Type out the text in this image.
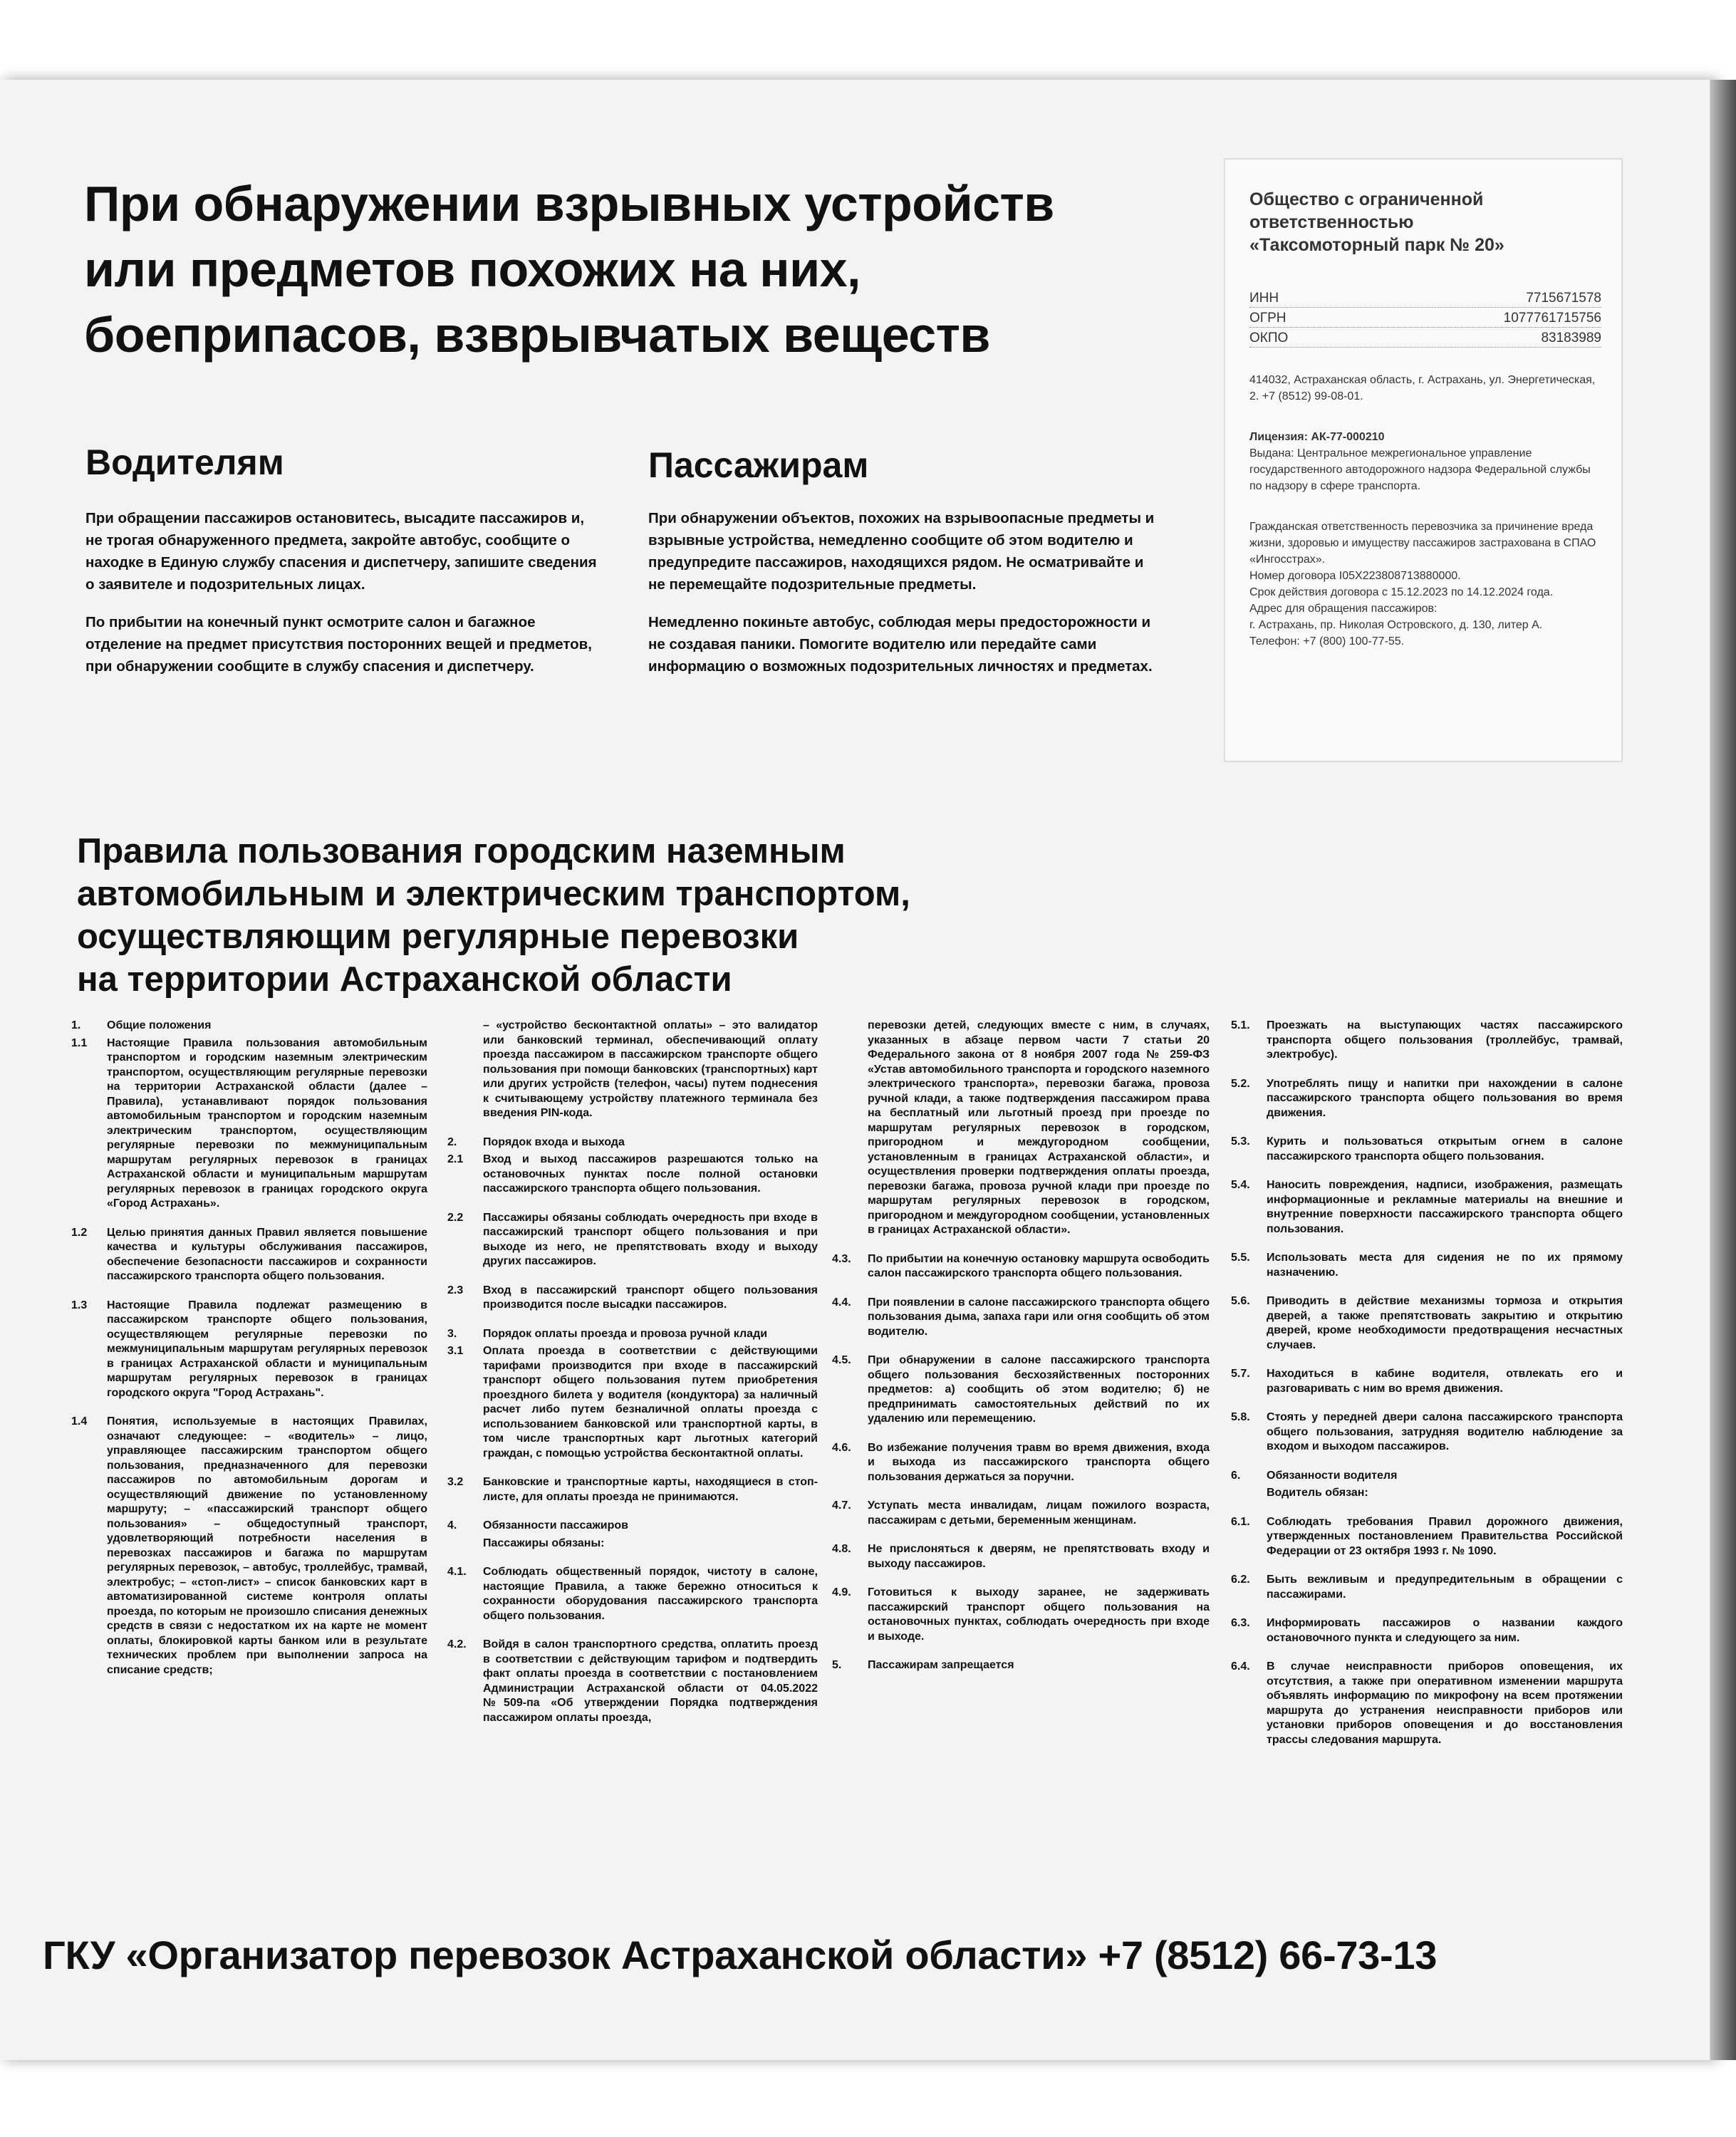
При обнаружении взрывных устройств
или предметов похожих на них,
боеприпасов, взврывчатых веществ
Водителям

При обращении пассажиров остановитесь, высадите пассажиров и, не трогая обнаруженного предмета, закройте автобус, сообщите о находке в Единую службу спасения и диспетчеру, запишите сведения о заявителе и подозрительных лицах.

По прибытии на конечный пункт осмотрите салон и багажное отделение на предмет присутствия посторонних вещей и предметов, при обнаружении сообщите в службу спасения и диспетчеру.

Пассажирам

При обнаружении объектов, похожих на взрывоопасные предметы и взрывные устройства, немедленно сообщите об этом водителю и предупредите пассажиров, находящихся рядом. Не осматривайте и не перемещайте подозрительные предметы.

Немедленно покиньте автобус, соблюдая меры предосторожности и не создавая паники. Помогите водителю или передайте сами информацию о возможных подозрительных личностях и предметах.

Общество с ограниченной
ответственностью
«Таксомоторный парк № 20»
ИНН	7715671578
ОГРН	1077761715756
ОКПО	83183989
414032, Астраханская область, г. Астрахань, ул. Энергетическая, 2. +7 (8512) 99-08-01.
Лицензия: АК-77-000210
Выдана: Центральное межрегиональное управление государственного автодорожного надзора Федеральной службы по надзору в сфере транспорта.
Гражданская ответственность перевозчика за причинение вреда жизни, здоровью и имуществу пассажиров застрахована в СПАО «Ингосстрах».
Номер договора I05X223808713880000.
Срок действия договора с 15.12.2023 по 14.12.2024 года.
Адрес для обращения пассажиров:
г. Астрахань, пр. Николая Островского, д. 130, литер А.
Телефон: +7 (800) 100-77-55.
Правила пользования городским наземным
автомобильным и электрическим транспортом,
осуществляющим регулярные перевозки
на территории Астраханской области
1.	Общие положения
1.1	Настоящие Правила пользования автомобильным транспортом и городским наземным электрическим транспортом, осуществляющим регулярные перевозки на территории Астраханской области (далее – Правила), устанавливают порядок пользования автомобильным транспортом и городским наземным электрическим транспортом, осуществляющим регулярные перевозки по межмуниципальным маршрутам регулярных перевозок в границах Астраханской области и муниципальным маршрутам регулярных перевозок в границах городского округа «Город Астрахань».
1.2	Целью принятия данных Правил является повышение качества и культуры обслуживания пассажиров, обеспечение безопасности пассажиров и сохранности пассажирского транспорта общего пользования.
1.3	Настоящие Правила подлежат размещению в пассажирском транспорте общего пользования, осуществляющем регулярные перевозки по межмуниципальным маршрутам регулярных перевозок в границах Астраханской области и муниципальным маршрутам регулярных перевозок в границах городского округа "Город Астрахань".
1.4	Понятия, используемые в настоящих Правилах, означают следующее: – «водитель» – лицо, управляющее пассажирским транспортом общего пользования, предназначенного для перевозки пассажиров по автомобильным дорогам и осуществляющий движение по установленному маршруту; – «пассажирский транспорт общего пользования» – общедоступный транспорт, удовлетворяющий потребности населения в перевозках пассажиров и багажа по маршрутам регулярных перевозок, – автобус, троллейбус, трамвай, электробус; – «стоп-лист» – список банковских карт в автоматизированной системе контроля оплаты проезда, по которым не произошло списания денежных средств в связи с недостатком их на карте не момент оплаты, блокировкой карты банком или в результате технических проблем при выполнении запроса на списание средств;
– «устройство бесконтактной оплаты» – это валидатор или банковский терминал, обеспечивающий оплату проезда пассажиром в пассажирском транспорте общего пользования при помощи банковских (транспортных) карт или других устройств (телефон, часы) путем поднесения к считывающему устройству платежного терминала без введения PIN-кода.
2.	Порядок входа и выхода
2.1	Вход и выход пассажиров разрешаются только на остановочных пунктах после полной остановки пассажирского транспорта общего пользования.
2.2	Пассажиры обязаны соблюдать очередность при входе в пассажирский транспорт общего пользования и при выходе из него, не препятствовать входу и выходу других пассажиров.
2.3	Вход в пассажирский транспорт общего пользования производится после высадки пассажиров.
3.	Порядок оплаты проезда и провоза ручной клади
3.1	Оплата проезда в соответствии с действующими тарифами производится при входе в пассажирский транспорт общего пользования путем приобретения проездного билета у водителя (кондуктора) за наличный расчет либо путем безналичной оплаты проезда с использованием банковской или транспортной карты, в том числе транспортных карт льготных категорий граждан, с помощью устройства бесконтактной оплаты.
3.2	Банковские и транспортные карты, находящиеся в стоп-листе, для оплаты проезда не принимаются.
4.	Обязанности пассажиров
Пассажиры обязаны:
4.1.	Соблюдать общественный порядок, чистоту в салоне, настоящие Правила, а также бережно относиться к сохранности оборудования пассажирского транспорта общего пользования.
4.2.	Войдя в салон транспортного средства, оплатить проезд в соответствии с действующим тарифом и подтвердить факт оплаты проезда в соответствии с постановлением Администрации Астраханской области от 04.05.2022 №509-па «Об утверждении Порядка подтверждения пассажиром оплаты проезда,
перевозки детей, следующих вместе с ним, в случаях, указанных в абзаце первом части 7 статьи 20 Федерального закона от 8 ноября 2007 года № 259-ФЗ «Устав автомобильного транспорта и городского наземного электрического транспорта», перевозки багажа, провоза ручной клади, а также подтверждения пассажиром права на бесплатный или льготный проезд при проезде по маршрутам регулярных перевозок в городском, пригородном и междугородном сообщении, установленным в границах Астраханской области», и осуществления проверки подтверждения оплаты проезда, перевозки багажа, провоза ручной клади при проезде по маршрутам регулярных перевозок в городском, пригородном и междугородном сообщении, установленных в границах Астраханской области».
4.3.	По прибытии на конечную остановку маршрута освободить салон пассажирского транспорта общего пользования.
4.4.	При появлении в салоне пассажирского транспорта общего пользования дыма, запаха гари или огня сообщить об этом водителю.
4.5.	При обнаружении в салоне пассажирского транспорта общего пользования бесхозяйственных посторонних предметов: а) сообщить об этом водителю; б) не предпринимать самостоятельных действий по их удалению или перемещению.
4.6.	Во избежание получения травм во время движения, входа и выхода из пассажирского транспорта общего пользования держаться за поручни.
4.7.	Уступать места инвалидам, лицам пожилого возраста, пассажирам с детьми, беременным женщинам.
4.8.	Не прислоняться к дверям, не препятствовать входу и выходу пассажиров.
4.9.	Готовиться к выходу заранее, не задерживать пассажирский транспорт общего пользования на остановочных пунктах, соблюдать очередность при входе и выходе.
5.	Пассажирам запрещается
5.1.	Проезжать на выступающих частях пассажирского транспорта общего пользования (троллейбус, трамвай, электробус).
5.2.	Употреблять пищу и напитки при нахождении в салоне пассажирского транспорта общего пользования во время движения.
5.3.	Курить и пользоваться открытым огнем в салоне пассажирского транспорта общего пользования.
5.4.	Наносить повреждения, надписи, изображения, размещать информационные и рекламные материалы на внешние и внутренние поверхности пассажирского транспорта общего пользования.
5.5.	Использовать места для сидения не по их прямому назначению.
5.6.	Приводить в действие механизмы тормоза и открытия дверей, а также препятствовать закрытию и открытию дверей, кроме необходимости предотвращения несчастных случаев.
5.7.	Находиться в кабине водителя, отвлекать его и разговаривать с ним во время движения.
5.8.	Стоять у передней двери салона пассажирского транспорта общего пользования, затрудняя водителю наблюдение за входом и выходом пассажиров.
6.	Обязанности водителя
Водитель обязан:
6.1.	Соблюдать требования Правил дорожного движения, утвержденных постановлением Правительства Российской Федерации от 23 октября 1993 г. № 1090.
6.2.	Быть вежливым и предупредительным в обращении с пассажирами.
6.3.	Информировать пассажиров о названии каждого остановочного пункта и следующего за ним.
6.4.	В случае неисправности приборов оповещения, их отсутствия, а также при оперативном изменении маршрута объявлять информацию по микрофону на всем протяжении маршрута до устранения неисправности приборов или установки приборов оповещения и до восстановления трассы следования маршрута.
ГКУ «Организатор перевозок Астраханской области» +7 (8512) 66-73-13
